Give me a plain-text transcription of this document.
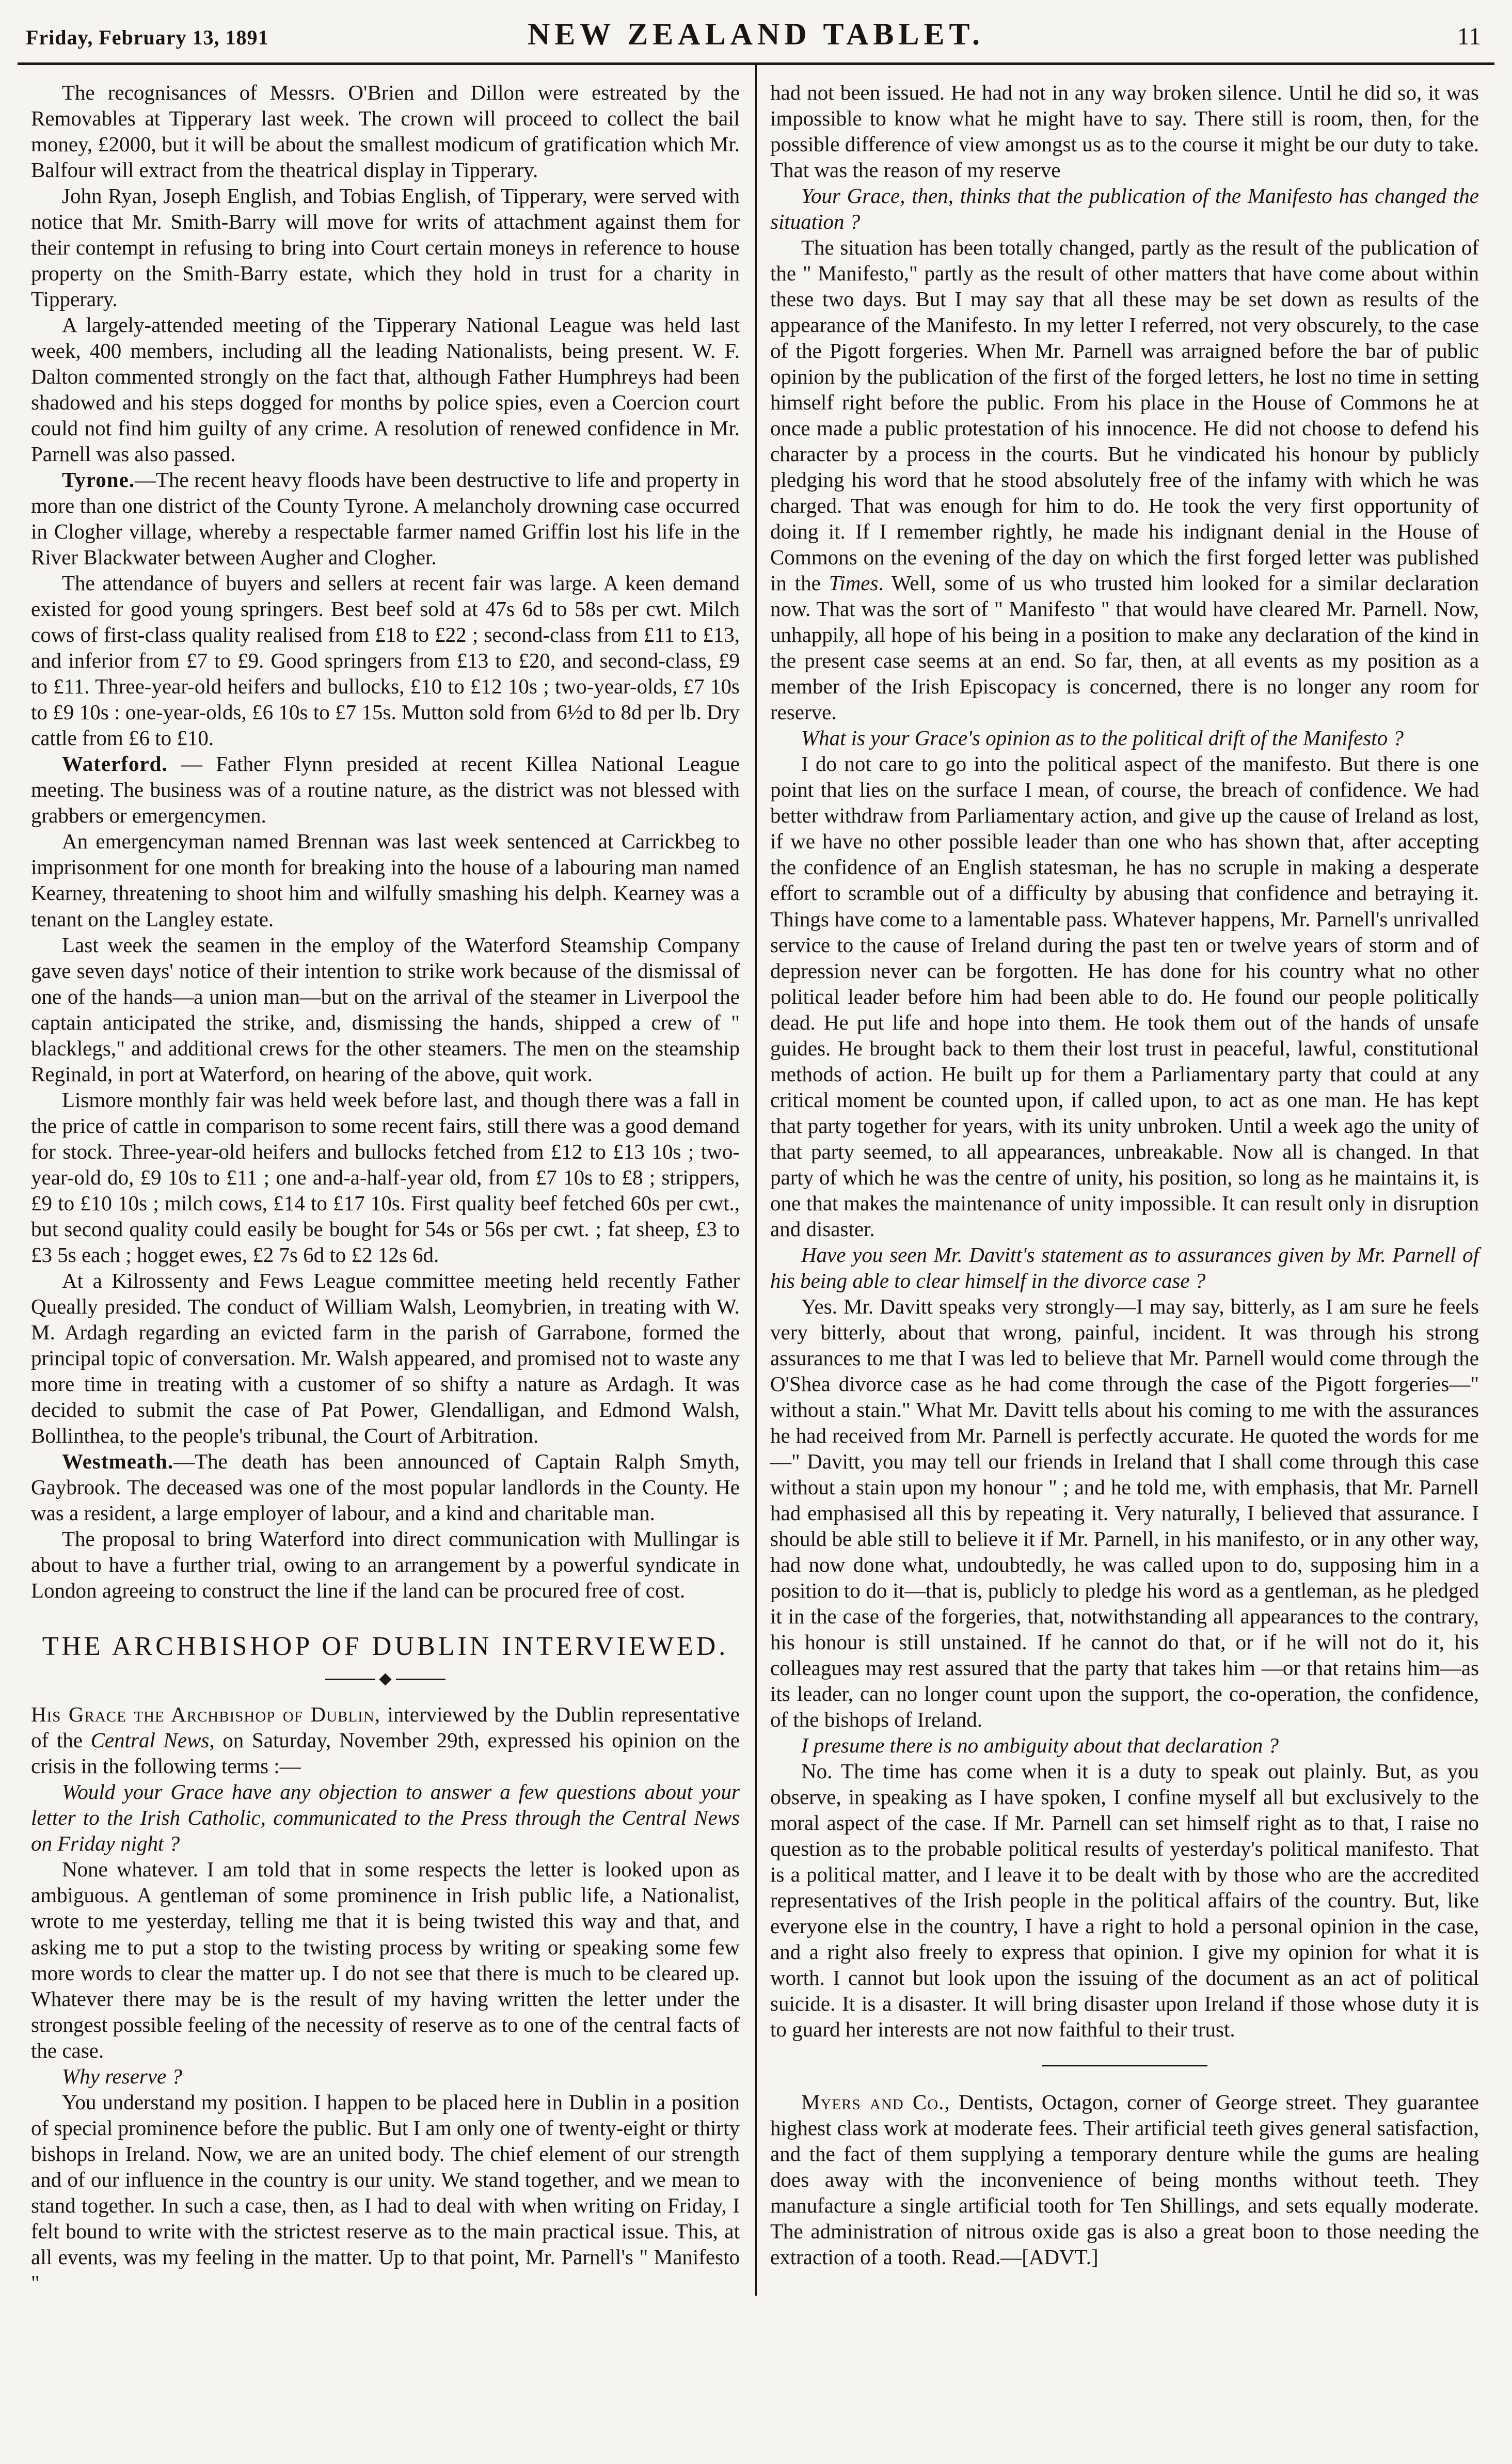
Friday, February 13, 1891	NEW ZEALAND TABLET.	11

The recognisances of Messrs. O'Brien and Dillon were estreated by the Removables at Tipperary last week. The crown will proceed to collect the bail money, £2000, but it will be about the smallest modicum of gratification which Mr. Balfour will extract from the theatrical display in Tipperary.

John Ryan, Joseph English, and Tobias English, of Tipperary, were served with notice that Mr. Smith-Barry will move for writs of attachment against them for their contempt in refusing to bring into Court certain moneys in reference to house property on the Smith-Barry estate, which they hold in trust for a charity in Tipperary.

A largely-attended meeting of the Tipperary National League was held last week, 400 members, including all the leading Nationalists, being present. W. F. Dalton commented strongly on the fact that, although Father Humphreys had been shadowed and his steps dogged for months by police spies, even a Coercion court could not find him guilty of any crime. A resolution of renewed confidence in Mr. Parnell was also passed.

Tyrone.—The recent heavy floods have been destructive to life and property in more than one district of the County Tyrone. A melancholy drowning case occurred in Clogher village, whereby a respectable farmer named Griffin lost his life in the River Blackwater between Augher and Clogher.

The attendance of buyers and sellers at recent fair was large. A keen demand existed for good young springers. Best beef sold at 47s 6d to 58s per cwt. Milch cows of first-class quality realised from £18 to £22 ; second-class from £11 to £13, and inferior from £7 to £9. Good springers from £13 to £20, and second-class, £9 to £11. Three-year-old heifers and bullocks, £10 to £12 10s ; two-year-olds, £7 10s to £9 10s : one-year-olds, £6 10s to £7 15s. Mutton sold from 6½d to 8d per lb. Dry cattle from £6 to £10.

Waterford. — Father Flynn presided at recent Killea National League meeting. The business was of a routine nature, as the district was not blessed with grabbers or emergencymen.

An emergencyman named Brennan was last week sentenced at Carrickbeg to imprisonment for one month for breaking into the house of a labouring man named Kearney, threatening to shoot him and wilfully smashing his delph. Kearney was a tenant on the Langley estate.

Last week the seamen in the employ of the Waterford Steamship Company gave seven days' notice of their intention to strike work because of the dismissal of one of the hands—a union man—but on the arrival of the steamer in Liverpool the captain anticipated the strike, and, dismissing the hands, shipped a crew of " blacklegs," and additional crews for the other steamers. The men on the steamship Reginald, in port at Waterford, on hearing of the above, quit work.

Lismore monthly fair was held week before last, and though there was a fall in the price of cattle in comparison to some recent fairs, still there was a good demand for stock. Three-year-old heifers and bullocks fetched from £12 to £13 10s ; two-year-old do, £9 10s to £11 ; one and-a-half-year old, from £7 10s to £8 ; strippers, £9 to £10 10s ; milch cows, £14 to £17 10s. First quality beef fetched 60s per cwt., but second quality could easily be bought for 54s or 56s per cwt. ; fat sheep, £3 to £3 5s each ; hogget ewes, £2 7s 6d to £2 12s 6d.

At a Kilrossenty and Fews League committee meeting held recently Father Queally presided. The conduct of William Walsh, Leomybrien, in treating with W. M. Ardagh regarding an evicted farm in the parish of Garrabone, formed the principal topic of conversation. Mr. Walsh appeared, and promised not to waste any more time in treating with a customer of so shifty a nature as Ardagh. It was decided to submit the case of Pat Power, Glendalligan, and Edmond Walsh, Bollinthea, to the people's tribunal, the Court of Arbitration.

Westmeath.—The death has been announced of Captain Ralph Smyth, Gaybrook. The deceased was one of the most popular landlords in the County. He was a resident, a large employer of labour, and a kind and charitable man.

The proposal to bring Waterford into direct communication with Mullingar is about to have a further trial, owing to an arrangement by a powerful syndicate in London agreeing to construct the line if the land can be procured free of cost.

THE ARCHBISHOP OF DUBLIN INTERVIEWED.

His Grace the Archbishop of Dublin, interviewed by the Dublin representative of the Central News, on Saturday, November 29th, expressed his opinion on the crisis in the following terms :—

Would your Grace have any objection to answer a few questions about your letter to the Irish Catholic, communicated to the Press through the Central News on Friday night ?

None whatever. I am told that in some respects the letter is looked upon as ambiguous. A gentleman of some prominence in Irish public life, a Nationalist, wrote to me yesterday, telling me that it is being twisted this way and that, and asking me to put a stop to the twisting process by writing or speaking some few more words to clear the matter up. I do not see that there is much to be cleared up. Whatever there may be is the result of my having written the letter under the strongest possible feeling of the necessity of reserve as to one of the central facts of the case.

Why reserve ?

You understand my position. I happen to be placed here in Dublin in a position of special prominence before the public. But I am only one of twenty-eight or thirty bishops in Ireland. Now, we are an united body. The chief element of our strength and of our influence in the country is our unity. We stand together, and we mean to stand together. In such a case, then, as I had to deal with when writing on Friday, I felt bound to write with the strictest reserve as to the main practical issue. This, at all events, was my feeling in the matter. Up to that point, Mr. Parnell's " Manifesto "

had not been issued. He had not in any way broken silence. Until he did so, it was impossible to know what he might have to say. There still is room, then, for the possible difference of view amongst us as to the course it might be our duty to take. That was the reason of my reserve

Your Grace, then, thinks that the publication of the Manifesto has changed the situation ?

The situation has been totally changed, partly as the result of the publication of the " Manifesto," partly as the result of other matters that have come about within these two days. But I may say that all these may be set down as results of the appearance of the Manifesto. In my letter I referred, not very obscurely, to the case of the Pigott forgeries. When Mr. Parnell was arraigned before the bar of public opinion by the publication of the first of the forged letters, he lost no time in setting himself right before the public. From his place in the House of Commons he at once made a public protestation of his innocence. He did not choose to defend his character by a process in the courts. But he vindicated his honour by publicly pledging his word that he stood absolutely free of the infamy with which he was charged. That was enough for him to do. He took the very first opportunity of doing it. If I remember rightly, he made his indignant denial in the House of Commons on the evening of the day on which the first forged letter was published in the Times. Well, some of us who trusted him looked for a similar declaration now. That was the sort of " Manifesto " that would have cleared Mr. Parnell. Now, unhappily, all hope of his being in a position to make any declaration of the kind in the present case seems at an end. So far, then, at all events as my position as a member of the Irish Episcopacy is concerned, there is no longer any room for reserve.

What is your Grace's opinion as to the political drift of the Manifesto ?

I do not care to go into the political aspect of the manifesto. But there is one point that lies on the surface I mean, of course, the breach of confidence. We had better withdraw from Parliamentary action, and give up the cause of Ireland as lost, if we have no other possible leader than one who has shown that, after accepting the confidence of an English statesman, he has no scruple in making a desperate effort to scramble out of a difficulty by abusing that confidence and betraying it. Things have come to a lamentable pass. Whatever happens, Mr. Parnell's unrivalled service to the cause of Ireland during the past ten or twelve years of storm and of depression never can be forgotten. He has done for his country what no other political leader before him had been able to do. He found our people politically dead. He put life and hope into them. He took them out of the hands of unsafe guides. He brought back to them their lost trust in peaceful, lawful, constitutional methods of action. He built up for them a Parliamentary party that could at any critical moment be counted upon, if called upon, to act as one man. He has kept that party together for years, with its unity unbroken. Until a week ago the unity of that party seemed, to all appearances, unbreakable. Now all is changed. In that party of which he was the centre of unity, his position, so long as he maintains it, is one that makes the maintenance of unity impossible. It can result only in disruption and disaster.

Have you seen Mr. Davitt's statement as to assurances given by Mr. Parnell of his being able to clear himself in the divorce case ?

Yes. Mr. Davitt speaks very strongly—I may say, bitterly, as I am sure he feels very bitterly, about that wrong, painful, incident. It was through his strong assurances to me that I was led to believe that Mr. Parnell would come through the O'Shea divorce case as he had come through the case of the Pigott forgeries—" without a stain." What Mr. Davitt tells about his coming to me with the assurances he had received from Mr. Parnell is perfectly accurate. He quoted the words for me —" Davitt, you may tell our friends in Ireland that I shall come through this case without a stain upon my honour " ; and he told me, with emphasis, that Mr. Parnell had emphasised all this by repeating it. Very naturally, I believed that assurance. I should be able still to believe it if Mr. Parnell, in his manifesto, or in any other way, had now done what, undoubtedly, he was called upon to do, supposing him in a position to do it—that is, publicly to pledge his word as a gentleman, as he pledged it in the case of the forgeries, that, notwithstanding all appearances to the contrary, his honour is still unstained. If he cannot do that, or if he will not do it, his colleagues may rest assured that the party that takes him —or that retains him—as its leader, can no longer count upon the support, the co-operation, the confidence, of the bishops of Ireland.

I presume there is no ambiguity about that declaration ?

No. The time has come when it is a duty to speak out plainly. But, as you observe, in speaking as I have spoken, I confine myself all but exclusively to the moral aspect of the case. If Mr. Parnell can set himself right as to that, I raise no question as to the probable political results of yesterday's political manifesto. That is a political matter, and I leave it to be dealt with by those who are the accredited representatives of the Irish people in the political affairs of the country. But, like everyone else in the country, I have a right to hold a personal opinion in the case, and a right also freely to express that opinion. I give my opinion for what it is worth. I cannot but look upon the issuing of the document as an act of political suicide. It is a disaster. It will bring disaster upon Ireland if those whose duty it is to guard her interests are not now faithful to their trust.

Myers and Co., Dentists, Octagon, corner of George street. They guarantee highest class work at moderate fees. Their artificial teeth gives general satisfaction, and the fact of them supplying a temporary denture while the gums are healing does away with the inconvenience of being months without teeth. They manufacture a single artificial tooth for Ten Shillings, and sets equally moderate. The administration of nitrous oxide gas is also a great boon to those needing the extraction of a tooth. Read.—[ADVT.]
